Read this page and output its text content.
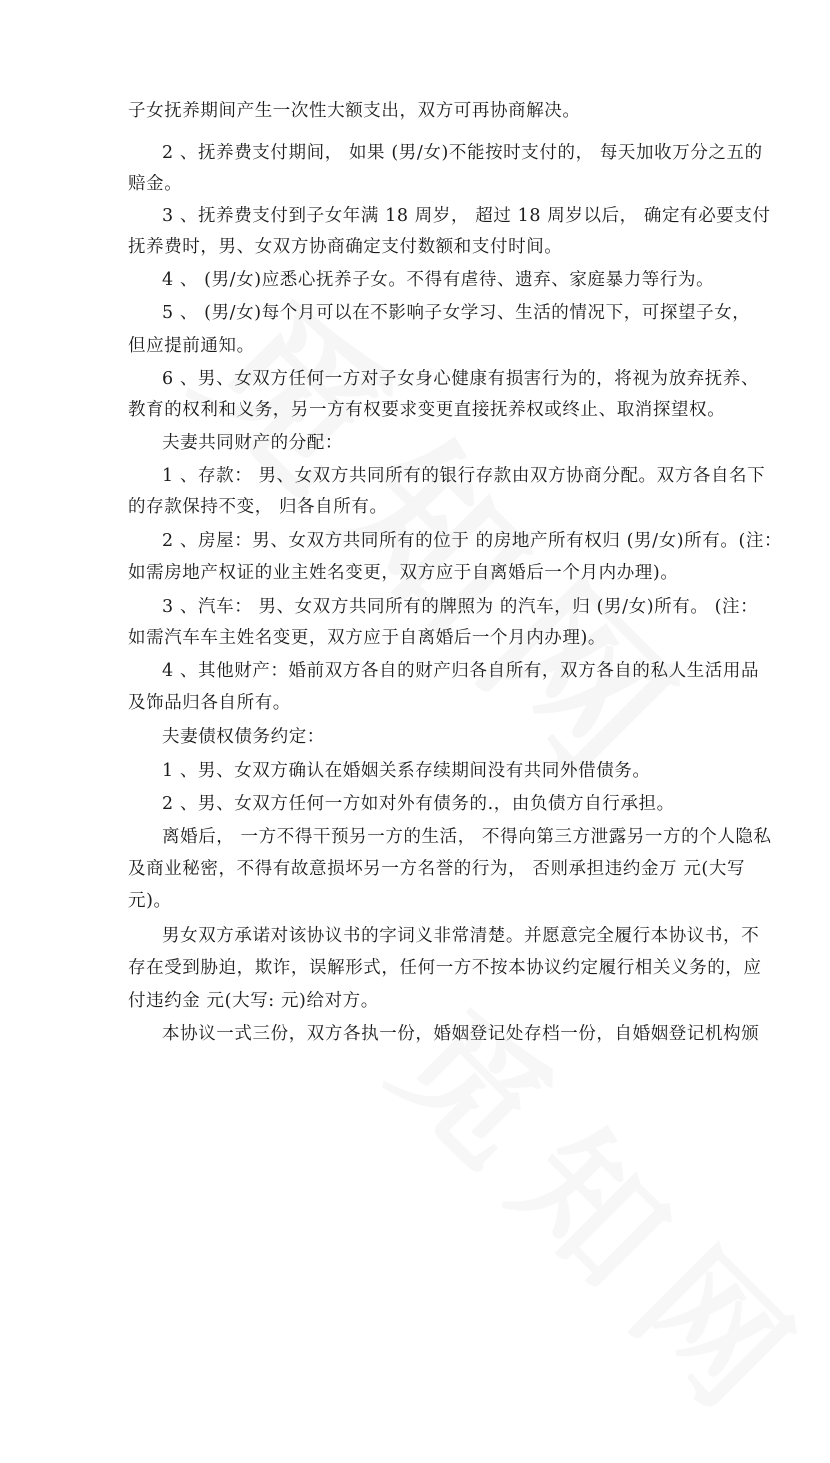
子女抚养期间产生一次性大额支出，双方可再协商解决。
2 、抚养费支付期间， 如果 (男/女)不能按时支付的， 每天加收万分之五的
赔金。
3 、抚养费支付到子女年满 18 周岁， 超过 18 周岁以后， 确定有必要支付
抚养费时，男、女双方协商确定支付数额和支付时间。
4 、 (男/女)应悉心抚养子女。不得有虐待、遗弃、家庭暴力等行为。
5 、 (男/女)每个月可以在不影响子女学习、生活的情况下，可探望子女，
但应提前通知。
6 、男、女双方任何一方对子女身心健康有损害行为的，将视为放弃抚养、
教育的权利和义务，另一方有权要求变更直接抚养权或终止、取消探望权。
夫妻共同财产的分配：
1 、存款： 男、女双方共同所有的银行存款由双方协商分配。双方各自名下
的存款保持不变， 归各自所有。
2 、房屋：男、女双方共同所有的位于 的房地产所有权归 (男/女)所有。(注：
如需房地产权证的业主姓名变更，双方应于自离婚后一个月内办理)。
3 、汽车： 男、女双方共同所有的牌照为 的汽车，归 (男/女)所有。 (注：
如需汽车车主姓名变更，双方应于自离婚后一个月内办理)。
4 、其他财产：婚前双方各自的财产归各自所有，双方各自的私人生活用品
及饰品归各自所有。
夫妻债权债务约定：
1 、男、女双方确认在婚姻关系存续期间没有共同外借债务。
2 、男、女双方任何一方如对外有债务的.，由负债方自行承担。
离婚后， 一方不得干预另一方的生活， 不得向第三方泄露另一方的个人隐私
及商业秘密，不得有故意损坏另一方名誉的行为， 否则承担违约金万 元(大写
元)。
男女双方承诺对该协议书的字词义非常清楚。并愿意完全履行本协议书，不
存在受到胁迫，欺诈，误解形式，任何一方不按本协议约定履行相关义务的，应
付违约金 元(大写: 元)给对方。
本协议一式三份，双方各执一份，婚姻登记处存档一份，自婚姻登记机构颁
